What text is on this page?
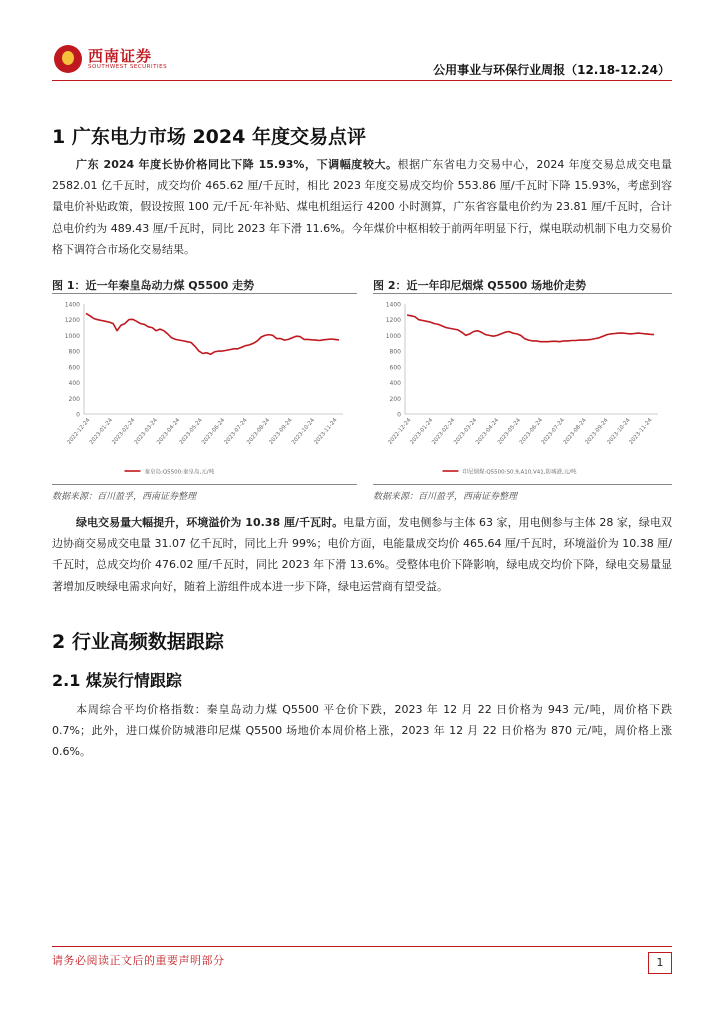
西南证券
SOUTHWEST SECURITIES	公用事业与环保行业周报（12.18-12.24）
1 广东电力市场 2024 年度交易点评
广东 2024 年度长协价格同比下降 15.93%，下调幅度较大。根据广东省电力交易中心，2024 年度交易总成交电量 2582.01 亿千瓦时，成交均价 465.62 厘/千瓦时，相比 2023 年度交易成交均价 553.86 厘/千瓦时下降 15.93%，考虑到容量电价补贴政策，假设按照 100 元/千瓦·年补贴、煤电机组运行 4200 小时测算，广东省容量电价约为 23.81 厘/千瓦时，合计总电价约为 489.43 厘/千瓦时，同比 2023 年下滑 11.6%。今年煤价中枢相较于前两年明显下行，煤电联动机制下电力交易价格下调符合市场化交易结果。
图 1：近一年秦皇岛动力煤 Q5500 走势
0
200
400
600
800
1000
1200
1400
2022-12-24
2023-01-24
2023-02-24
2023-03-24
2023-04-24
2023-05-24
2023-06-24
2023-07-24
2023-08-24
2023-09-24
2023-10-24
2023-11-24
秦皇岛:Q5500:秦皇岛,元/吨
数据来源：百川盈孚，西南证券整理
图 2：近一年印尼烟煤 Q5500 场地价走势
0
200
400
600
800
1000
1200
1400
2022-12-24
2023-01-24
2023-02-24
2023-03-24
2023-04-24
2023-05-24
2023-06-24
2023-07-24
2023-08-24
2023-09-24
2023-10-24
2023-11-24
印尼烟煤:Q5500:S0.9,A10,V41,防城港,元/吨
数据来源：百川盈孚，西南证券整理
绿电交易量大幅提升，环境溢价为 10.38 厘/千瓦时。电量方面，发电侧参与主体 63 家，用电侧参与主体 28 家，绿电双边协商交易成交电量 31.07 亿千瓦时，同比上升 99%；电价方面，电能量成交均价 465.64 厘/千瓦时，环境溢价为 10.38 厘/千瓦时，总成交均价 476.02 厘/千瓦时，同比 2023 年下滑 13.6%。受整体电价下降影响，绿电成交均价下降，绿电交易量显著增加反映绿电需求向好，随着上游组件成本进一步下降，绿电运营商有望受益。
2 行业高频数据跟踪
2.1 煤炭行情跟踪
本周综合平均价格指数：秦皇岛动力煤 Q5500 平仓价下跌，2023 年 12 月 22 日价格为 943 元/吨，周价格下跌 0.7%；此外，进口煤价防城港印尼煤 Q5500 场地价本周价格上涨，2023 年 12 月 22 日价格为 870 元/吨，周价格上涨 0.6%。
请务必阅读正文后的重要声明部分	1
